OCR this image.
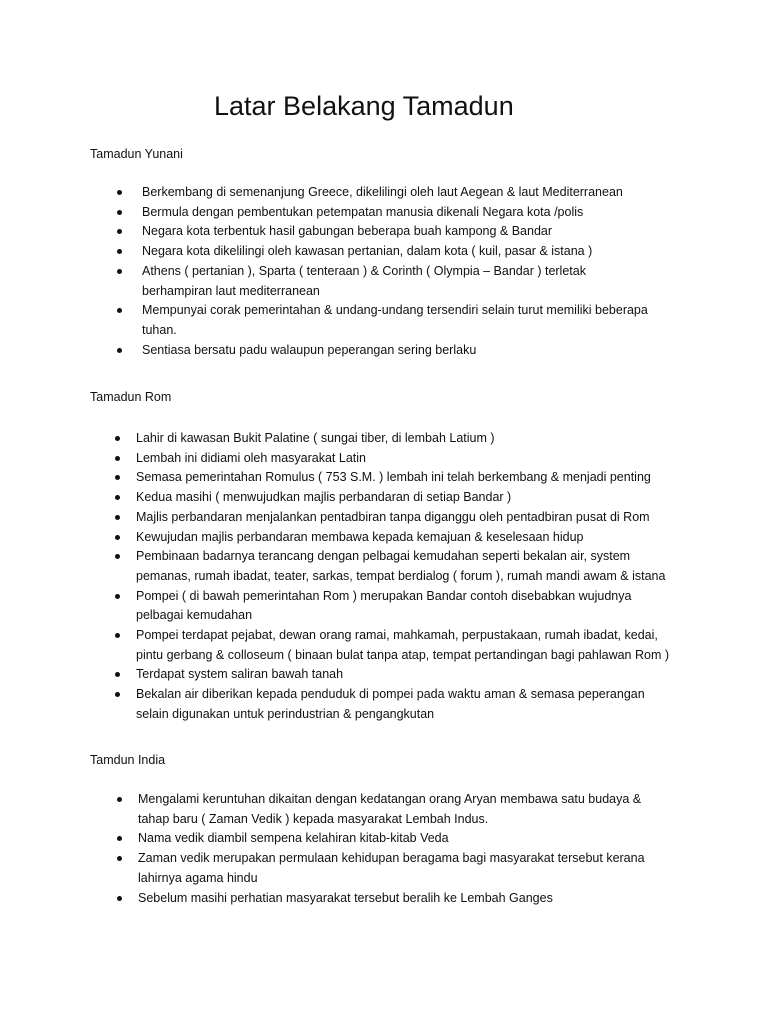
Latar Belakang Tamadun

Tamadun Yunani

Berkembang di semenanjung Greece, dikelilingi oleh laut Aegean & laut Mediterranean
Bermula dengan pembentukan petempatan manusia dikenali Negara kota /polis
Negara kota terbentuk hasil gabungan beberapa buah kampong & Bandar
Negara kota dikelilingi oleh kawasan pertanian, dalam kota ( kuil, pasar & istana )
Athens ( pertanian ), Sparta ( tenteraan ) & Corinth ( Olympia – Bandar ) terletak berhampiran laut mediterranean
Mempunyai corak pemerintahan & undang-undang tersendiri selain turut memiliki beberapa tuhan.
Sentiasa bersatu padu walaupun peperangan sering berlaku

Tamadun Rom

Lahir di kawasan Bukit Palatine ( sungai tiber, di lembah Latium )
Lembah ini didiami oleh masyarakat Latin
Semasa pemerintahan Romulus ( 753 S.M. ) lembah ini telah berkembang & menjadi penting
Kedua masihi ( menwujudkan majlis perbandaran di setiap Bandar )
Majlis perbandaran menjalankan pentadbiran tanpa diganggu oleh pentadbiran pusat di Rom
Kewujudan majlis perbandaran membawa kepada kemajuan & keselesaan hidup
Pembinaan badarnya terancang dengan pelbagai kemudahan seperti bekalan air, system pemanas, rumah ibadat, teater, sarkas, tempat berdialog ( forum ), rumah mandi awam & istana
Pompei ( di bawah pemerintahan Rom ) merupakan Bandar contoh disebabkan wujudnya pelbagai kemudahan
Pompei terdapat pejabat, dewan orang ramai, mahkamah, perpustakaan, rumah ibadat, kedai, pintu gerbang & colloseum ( binaan bulat tanpa atap, tempat pertandingan bagi pahlawan Rom )
Terdapat system saliran bawah tanah
Bekalan air diberikan kepada penduduk di pompei pada waktu aman & semasa peperangan selain digunakan untuk perindustrian & pengangkutan

Tamdun India

Mengalami keruntuhan dikaitan dengan kedatangan orang Aryan membawa satu budaya & tahap baru ( Zaman Vedik ) kepada masyarakat Lembah Indus.
Nama vedik diambil sempena kelahiran kitab-kitab Veda
Zaman vedik merupakan permulaan kehidupan beragama bagi masyarakat tersebut kerana lahirnya agama hindu
Sebelum masihi perhatian masyarakat tersebut beralih ke Lembah Ganges
